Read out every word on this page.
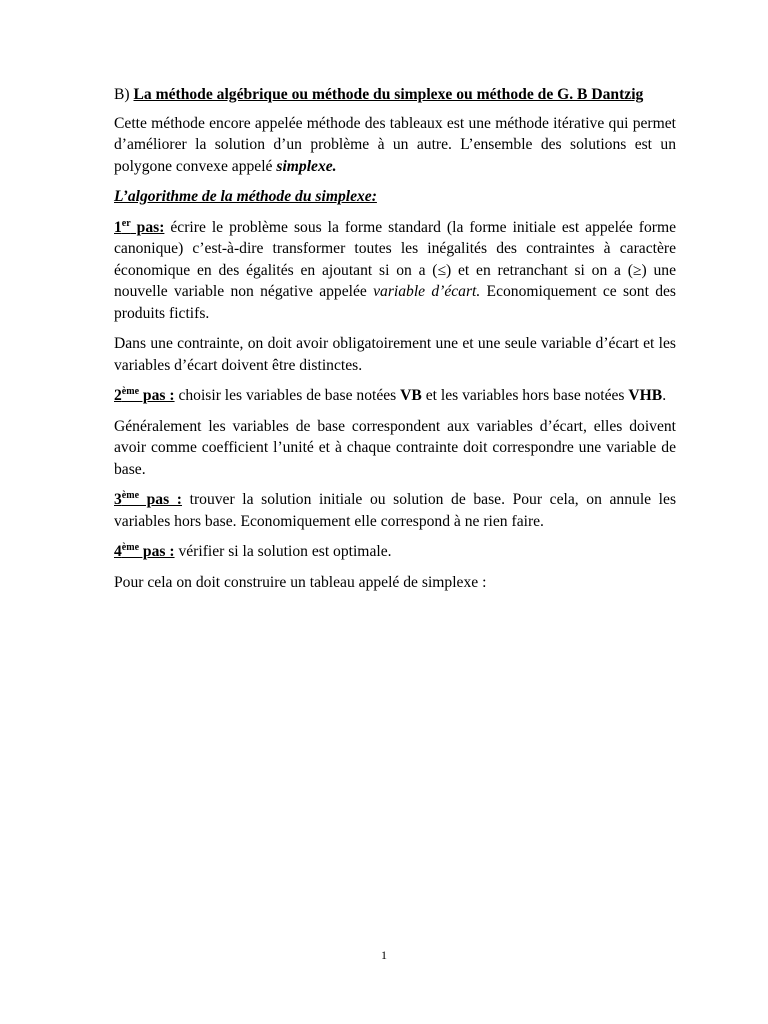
B) La méthode algébrique ou méthode du simplexe ou méthode de G. B Dantzig

Cette méthode encore appelée méthode des tableaux est une méthode itérative qui permet d’améliorer la solution d’un problème à un autre. L’ensemble des solutions est un polygone convexe appelé simplexe.

L’algorithme de la méthode du simplexe:

1er pas: écrire le problème sous la forme standard (la forme initiale est appelée forme canonique) c’est-à-dire transformer toutes les inégalités des contraintes à caractère économique en des égalités en ajoutant si on a (≤) et en retranchant si on a (≥) une nouvelle variable non négative appelée variable d’écart. Economiquement ce sont des produits fictifs.

Dans une contrainte, on doit avoir obligatoirement une et une seule variable d’écart et les variables d’écart doivent être distinctes.

2ème pas : choisir les variables de base notées VB et les variables hors base notées VHB.

Généralement les variables de base correspondent aux variables d’écart, elles doivent avoir comme coefficient l’unité et à chaque contrainte doit correspondre une variable de base.

3ème pas : trouver la solution initiale ou solution de base. Pour cela, on annule les variables hors base. Economiquement elle correspond à ne rien faire.

4ème pas : vérifier si la solution est optimale.

Pour cela on doit construire un tableau appelé de simplexe :

1
